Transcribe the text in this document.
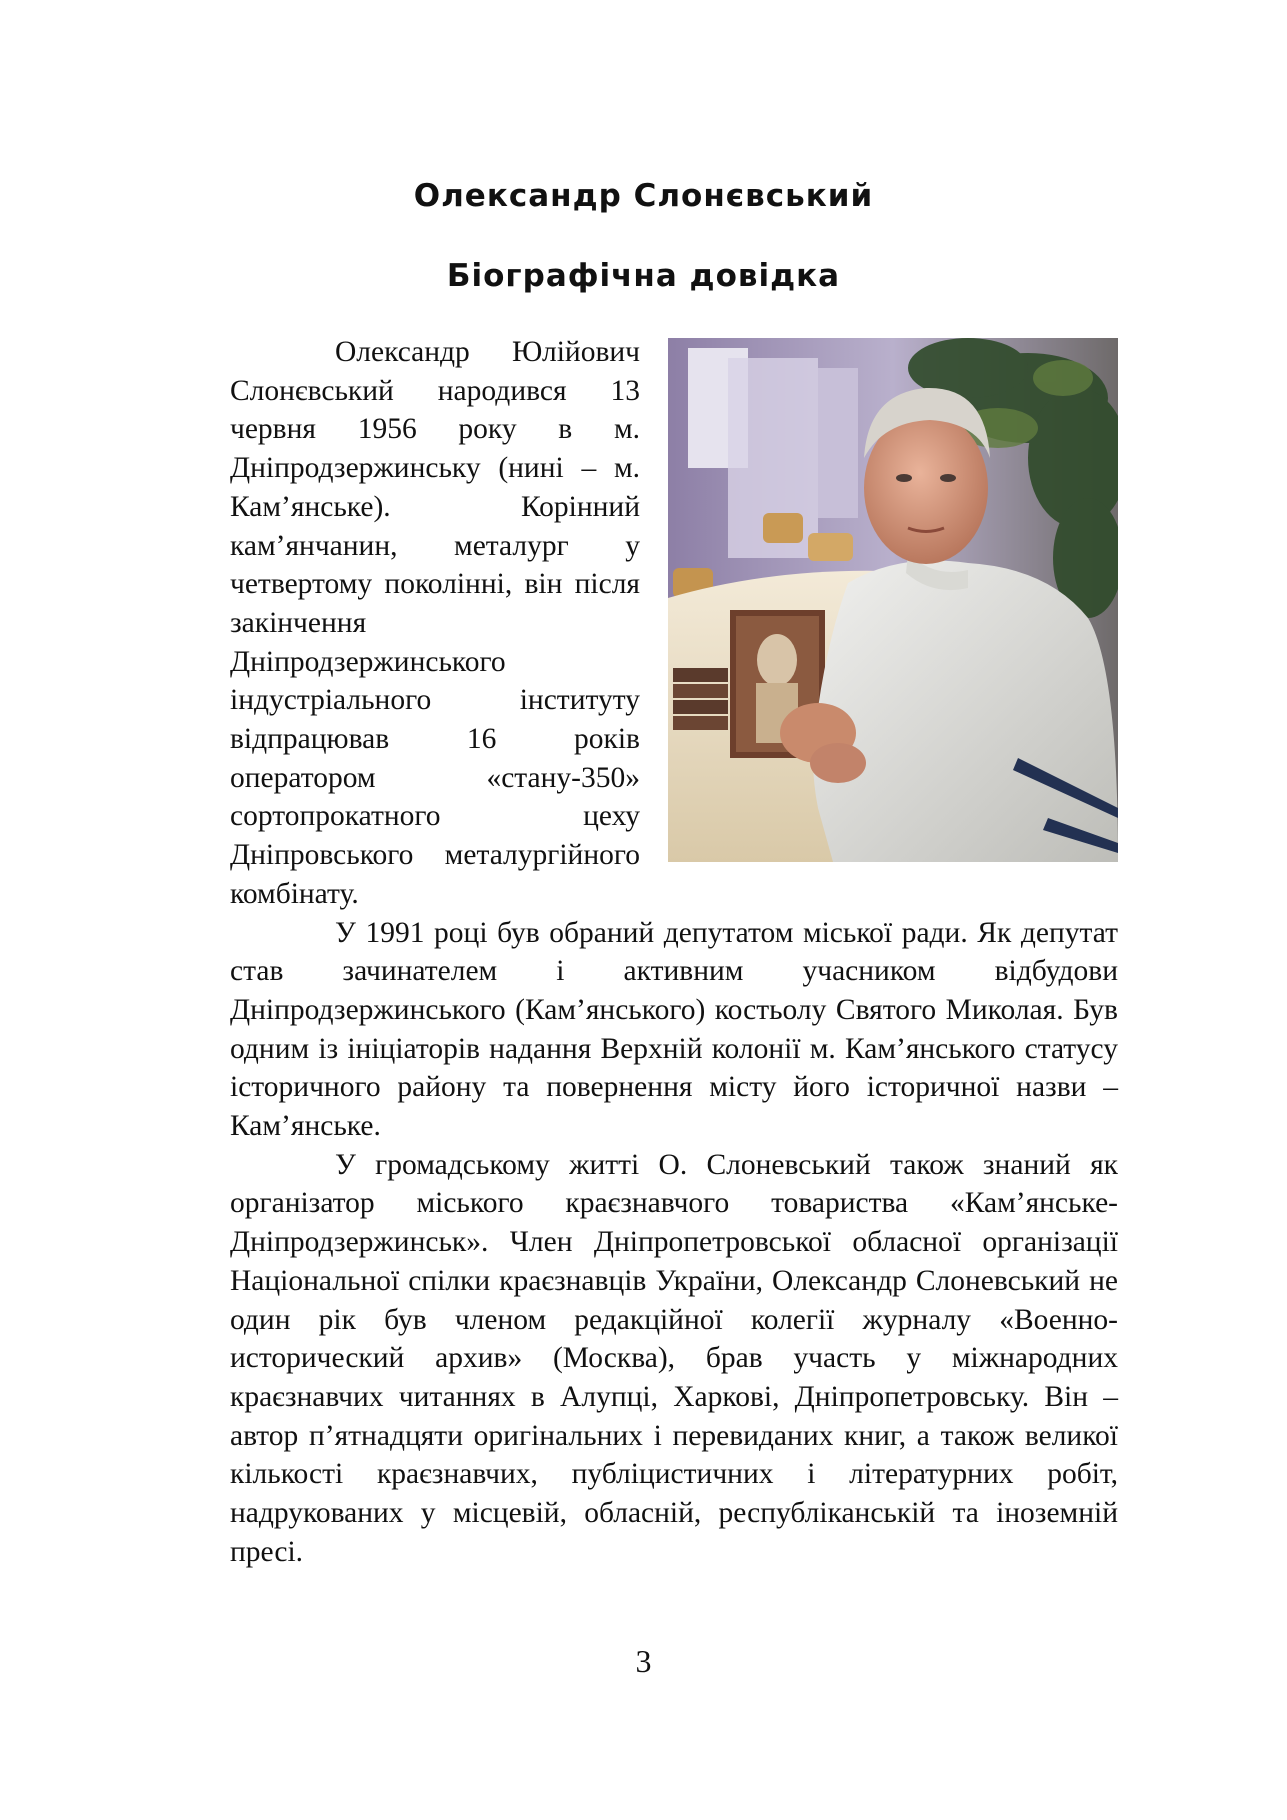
Олександр Слонєвський
Біографічна довідка

Олександр Юлійович Слонєвський народився 13 червня 1956 року в м. Дніпродзержинську (нині – м. Кам’янське). Корінний кам’янчанин, металург у четвертому поколінні, він після закінчення Дніпродзержинського індустріального інституту відпрацював 16 років оператором «стану-350» сортопрокатного цеху Дніпровського металургійного комбінату.

У 1991 році був обраний депутатом міської ради. Як депутат став зачинателем і активним учасником відбудови Дніпродзержинського (Кам’янського) костьолу Святого Миколая. Був одним із ініціаторів надання Верхній колонії м. Кам’янського статусу історичного району та повернення місту його історичної назви – Кам’янське.

У громадському житті О. Слоневський також знаний як організатор міського краєзнавчого товариства «Кам’янське-Дніпродзержинськ». Член Дніпропетровської обласної організації Національної спілки краєзнавців України, Олександр Слоневський не один рік був членом редакційної колегії журналу «Военно-исторический архив» (Москва), брав участь у міжнародних краєзнавчих читаннях в Алупці, Харкові, Дніпропетровську. Він – автор п’ятнадцяти оригінальних і перевиданих книг, а також великої кількості краєзнавчих, публіцистичних і літературних робіт, надрукованих у місцевій, обласній, республіканській та іноземній пресі.

3
